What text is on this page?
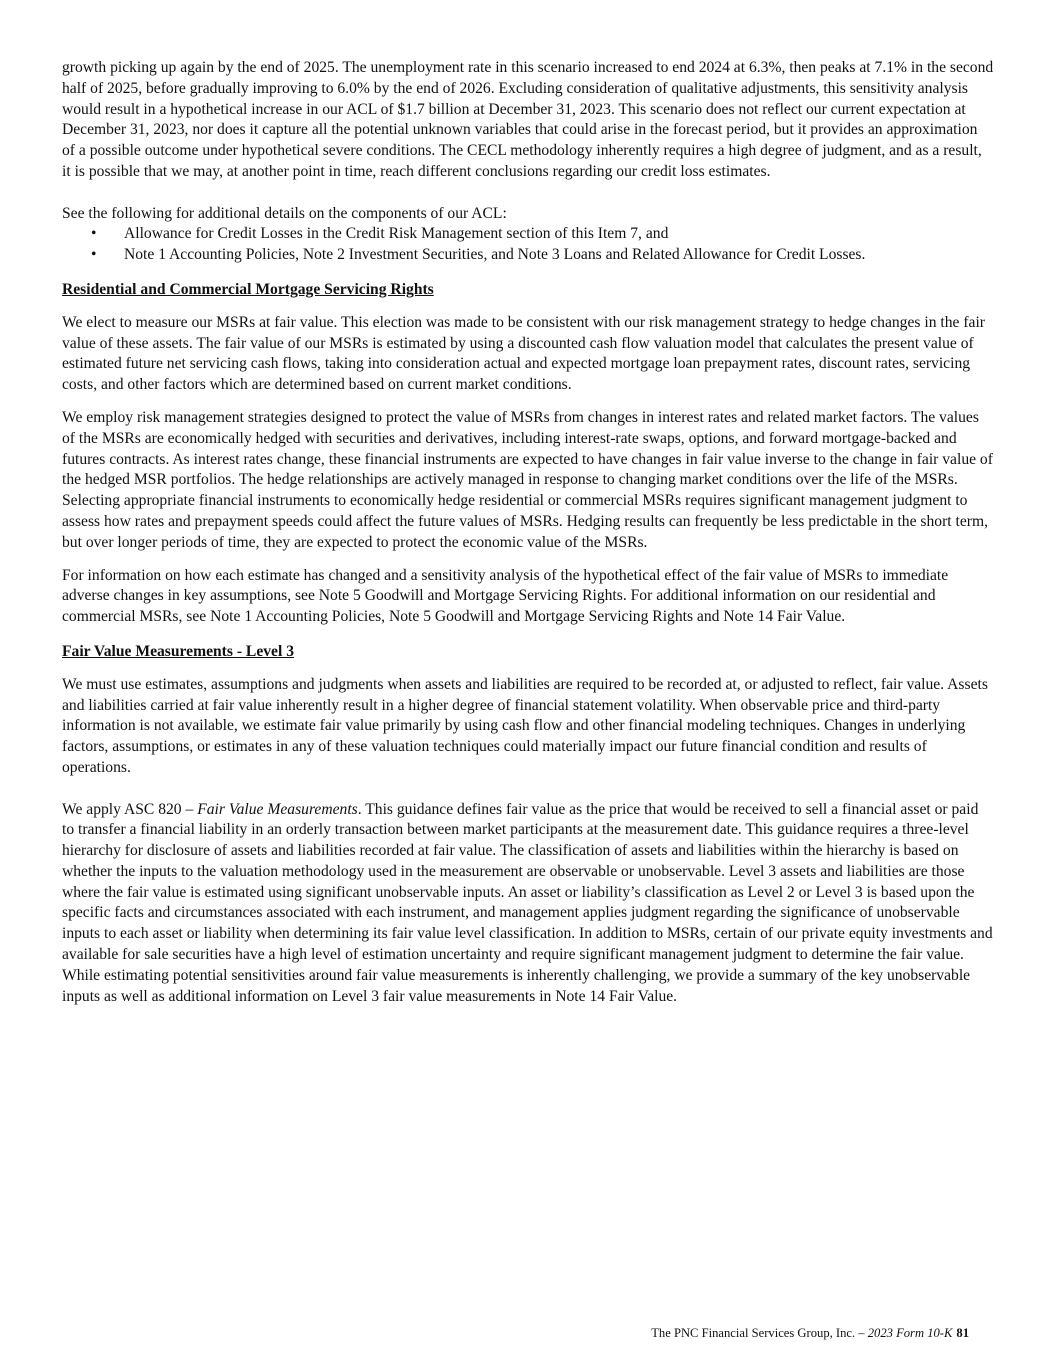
growth picking up again by the end of 2025. The unemployment rate in this scenario increased to end 2024 at 6.3%, then peaks at 7.1% in the second half of 2025, before gradually improving to 6.0% by the end of 2026. Excluding consideration of qualitative adjustments, this sensitivity analysis would result in a hypothetical increase in our ACL of $1.7 billion at December 31, 2023. This scenario does not reflect our current expectation at December 31, 2023, nor does it capture all the potential unknown variables that could arise in the forecast period, but it provides an approximation of a possible outcome under hypothetical severe conditions. The CECL methodology inherently requires a high degree of judgment, and as a result, it is possible that we may, at another point in time, reach different conclusions regarding our credit loss estimates.

See the following for additional details on the components of our ACL:

• Allowance for Credit Losses in the Credit Risk Management section of this Item 7, and
• Note 1 Accounting Policies, Note 2 Investment Securities, and Note 3 Loans and Related Allowance for Credit Losses.

Residential and Commercial Mortgage Servicing Rights

We elect to measure our MSRs at fair value. This election was made to be consistent with our risk management strategy to hedge changes in the fair value of these assets. The fair value of our MSRs is estimated by using a discounted cash flow valuation model that calculates the present value of estimated future net servicing cash flows, taking into consideration actual and expected mortgage loan prepayment rates, discount rates, servicing costs, and other factors which are determined based on current market conditions.

We employ risk management strategies designed to protect the value of MSRs from changes in interest rates and related market factors. The values of the MSRs are economically hedged with securities and derivatives, including interest-rate swaps, options, and forward mortgage-backed and futures contracts. As interest rates change, these financial instruments are expected to have changes in fair value inverse to the change in fair value of the hedged MSR portfolios. The hedge relationships are actively managed in response to changing market conditions over the life of the MSRs. Selecting appropriate financial instruments to economically hedge residential or commercial MSRs requires significant management judgment to assess how rates and prepayment speeds could affect the future values of MSRs. Hedging results can frequently be less predictable in the short term, but over longer periods of time, they are expected to protect the economic value of the MSRs.

For information on how each estimate has changed and a sensitivity analysis of the hypothetical effect of the fair value of MSRs to immediate adverse changes in key assumptions, see Note 5 Goodwill and Mortgage Servicing Rights. For additional information on our residential and commercial MSRs, see Note 1 Accounting Policies, Note 5 Goodwill and Mortgage Servicing Rights and Note 14 Fair Value.

Fair Value Measurements - Level 3

We must use estimates, assumptions and judgments when assets and liabilities are required to be recorded at, or adjusted to reflect, fair value. Assets and liabilities carried at fair value inherently result in a higher degree of financial statement volatility. When observable price and third-party information is not available, we estimate fair value primarily by using cash flow and other financial modeling techniques. Changes in underlying factors, assumptions, or estimates in any of these valuation techniques could materially impact our future financial condition and results of operations.

We apply ASC 820 – Fair Value Measurements. This guidance defines fair value as the price that would be received to sell a financial asset or paid to transfer a financial liability in an orderly transaction between market participants at the measurement date. This guidance requires a three-level hierarchy for disclosure of assets and liabilities recorded at fair value. The classification of assets and liabilities within the hierarchy is based on whether the inputs to the valuation methodology used in the measurement are observable or unobservable. Level 3 assets and liabilities are those where the fair value is estimated using significant unobservable inputs. An asset or liability’s classification as Level 2 or Level 3 is based upon the specific facts and circumstances associated with each instrument, and management applies judgment regarding the significance of unobservable inputs to each asset or liability when determining its fair value level classification. In addition to MSRs, certain of our private equity investments and available for sale securities have a high level of estimation uncertainty and require significant management judgment to determine the fair value. While estimating potential sensitivities around fair value measurements is inherently challenging, we provide a summary of the key unobservable inputs as well as additional information on Level 3 fair value measurements in Note 14 Fair Value.

The PNC Financial Services Group, Inc. – 2023 Form 10-K 81
